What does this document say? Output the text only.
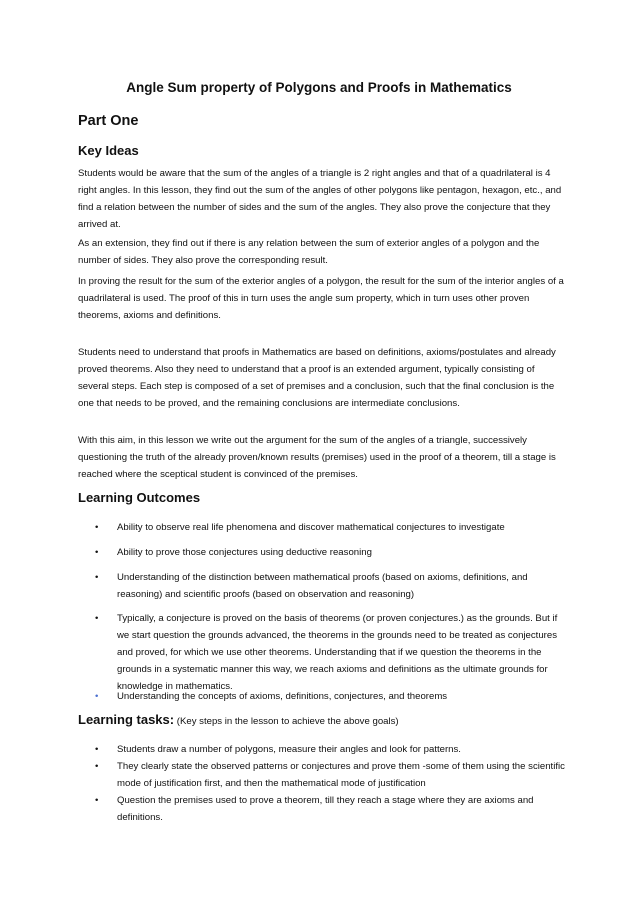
Angle Sum property of Polygons and Proofs in Mathematics
Part One
Key Ideas
Students would be aware that the sum of the angles of a triangle is 2 right angles and that of a quadrilateral is 4 right angles. In this lesson, they find out the sum of the angles of other polygons like pentagon, hexagon, etc., and find a relation between the number of sides and the sum of the angles. They also prove the conjecture that they arrived at.
As an extension, they find out if there is any relation between the sum of exterior angles of a polygon and the number of sides. They also prove the corresponding result.
In proving the result for the sum of the exterior angles of a polygon, the result for the sum of the interior angles of a quadrilateral is used. The proof of this in turn uses the angle sum property, which in turn uses other proven theorems, axioms and definitions.
Students need to understand that proofs in Mathematics are based on definitions, axioms/postulates and already proved theorems. Also they need to understand that a proof is an extended argument, typically consisting of several steps. Each step is composed of a set of premises and a conclusion, such that the final conclusion is the one that needs to be proved, and the remaining conclusions are intermediate conclusions.
With this aim, in this lesson we write out the argument for the sum of the angles of a triangle, successively questioning the truth of the already proven/known results (premises) used in the proof of a theorem, till a stage is reached where the sceptical student is convinced of the premises.
Learning Outcomes
• Ability to observe real life phenomena and discover mathematical conjectures to investigate
• Ability to prove those conjectures using deductive reasoning
• Understanding of the distinction between mathematical proofs (based on axioms, definitions, and reasoning) and scientific proofs (based on observation and reasoning)
• Typically, a conjecture is proved on the basis of theorems (or proven conjectures.) as the grounds. But if we start question the grounds advanced, the theorems in the grounds need to be treated as conjectures and proved, for which we use other theorems. Understanding that if we question the theorems in the grounds in a systematic manner this way, we reach axioms and definitions as the ultimate grounds for knowledge in mathematics.
• Understanding the concepts of axioms, definitions, conjectures, and theorems
Learning tasks: (Key steps in the lesson to achieve the above goals)
• Students draw a number of polygons, measure their angles and look for patterns.
• They clearly state the observed patterns or conjectures and prove them -some of them using the scientific mode of justification first, and then the mathematical mode of justification
• Question the premises used to prove a theorem, till they reach a stage where they are axioms and definitions.
